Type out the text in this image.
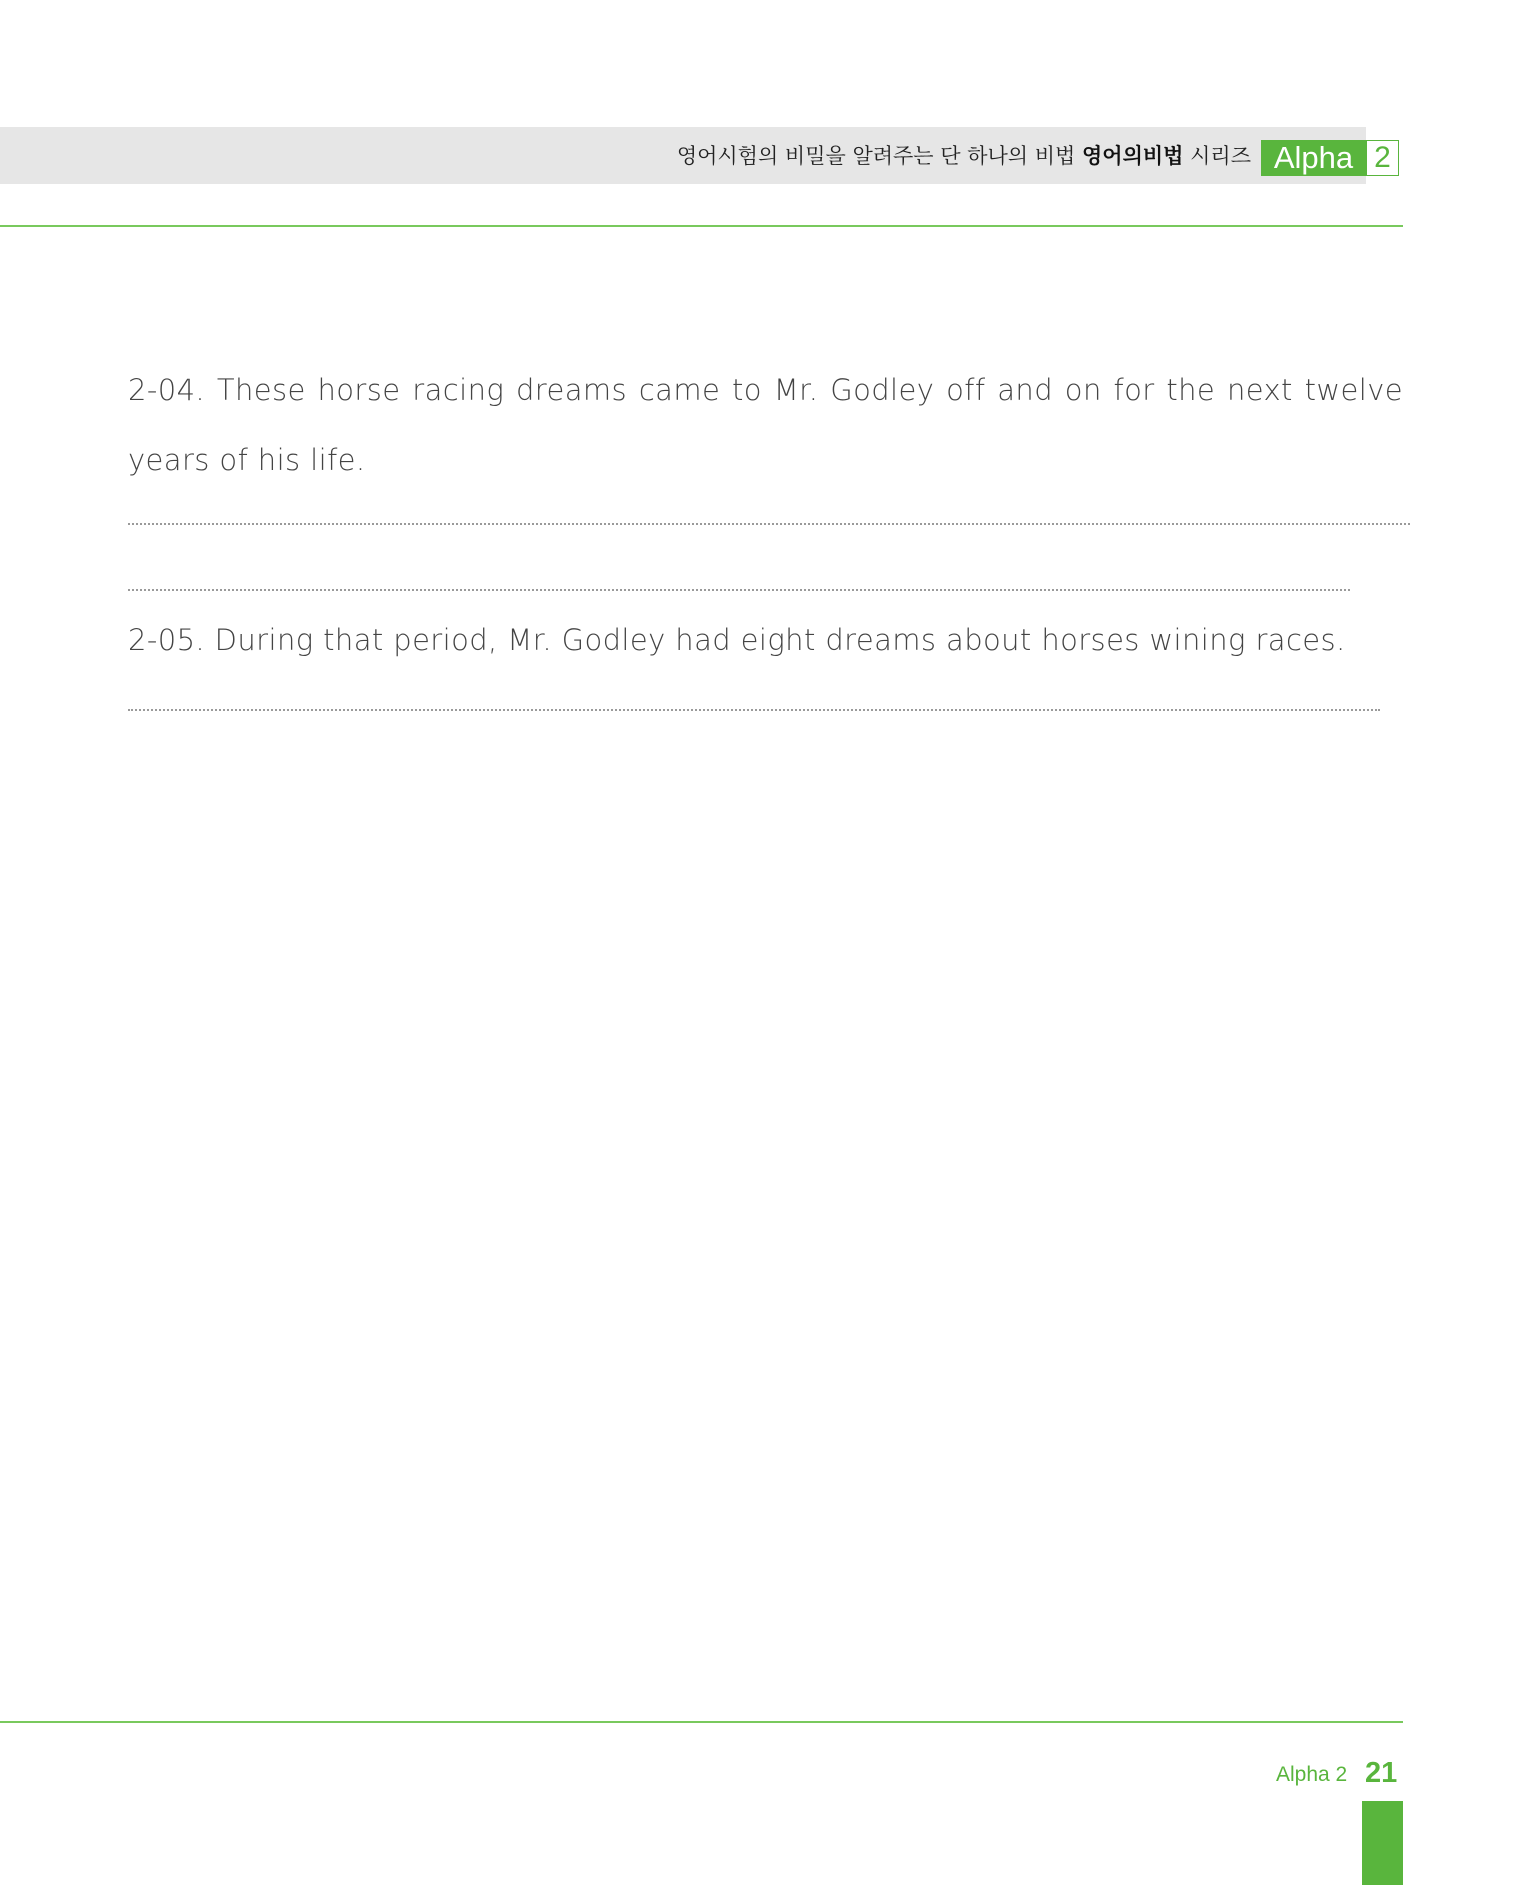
영어시험의 비밀을 알려주는 단 하나의 비법 영어의비법 시리즈 Alpha 2

2-04. These horse racing dreams came to Mr. Godley off and on for the next twelve years of his life.

2-05. During that period, Mr. Godley had eight dreams about horses wining races.

Alpha 2 21
